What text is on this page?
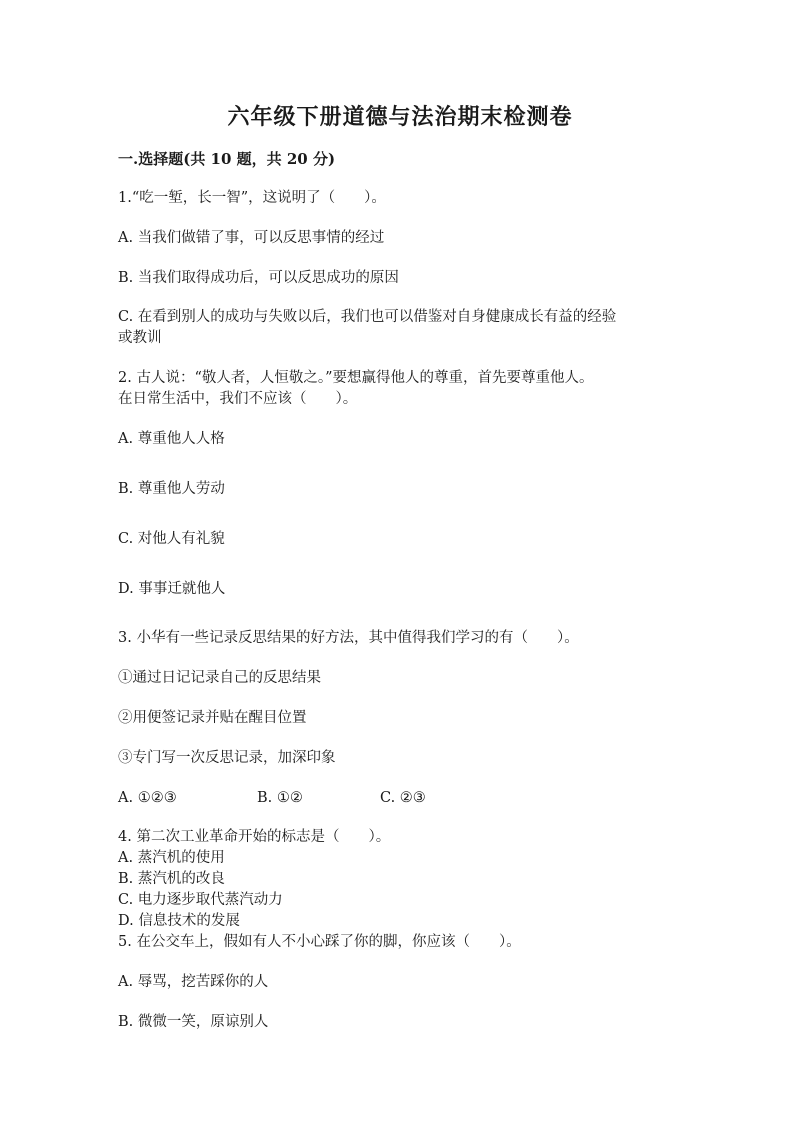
六年级下册道德与法治期末检测卷
一.选择题(共 10 题，共 20 分)
1.“吃一堑，长一智”，这说明了（　　）。
A. 当我们做错了事，可以反思事情的经过
B. 当我们取得成功后，可以反思成功的原因
C. 在看到别人的成功与失败以后，我们也可以借鉴对自身健康成长有益的经验
或教训
2. 古人说：“敬人者，人恒敬之。”要想赢得他人的尊重，首先要尊重他人。
在日常生活中，我们不应该（　　）。
A. 尊重他人人格
B. 尊重他人劳动
C. 对他人有礼貌
D. 事事迁就他人
3. 小华有一些记录反思结果的好方法，其中值得我们学习的有（　　）。
①通过日记记录自己的反思结果
②用便签记录并贴在醒目位置
③专门写一次反思记录，加深印象
A. ①②③	B. ①②	C. ②③
4. 第二次工业革命开始的标志是（　　）。
A. 蒸汽机的使用
B. 蒸汽机的改良
C. 电力逐步取代蒸汽动力
D. 信息技术的发展
5. 在公交车上，假如有人不小心踩了你的脚，你应该（　　）。
A. 辱骂，挖苦踩你的人
B. 微微一笑，原谅别人
